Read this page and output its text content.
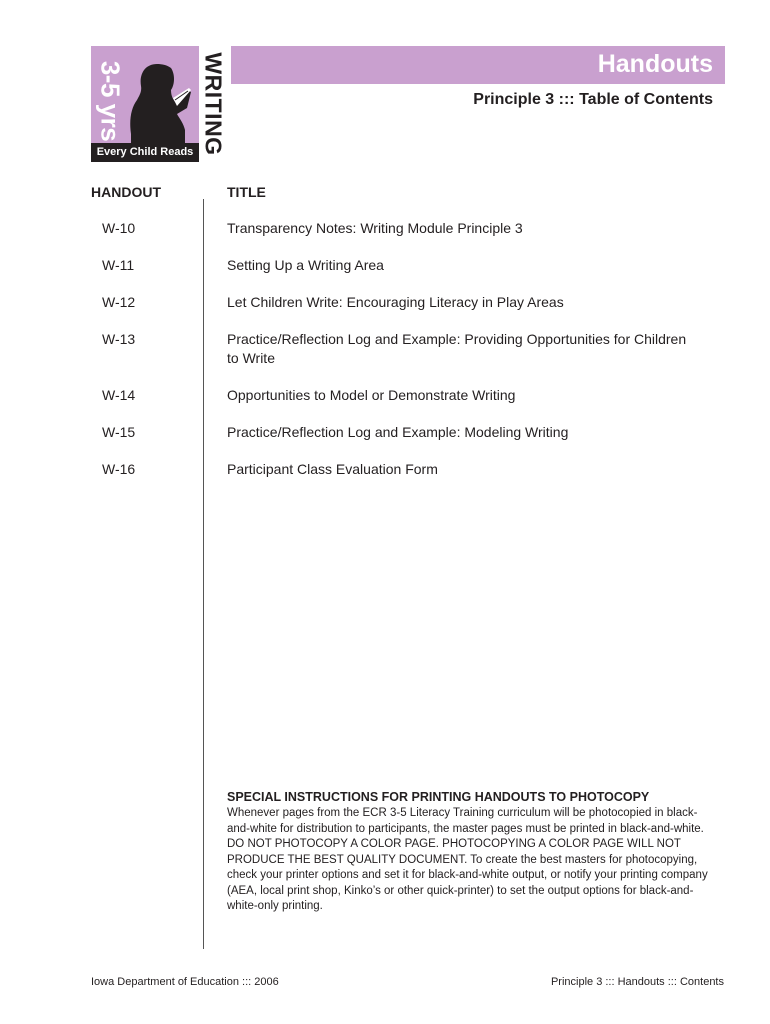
3-5 yrs
Every Child Reads WRITING	Handouts
Principle 3 ::: Table of Contents
HANDOUT	TITLE
W-10	Transparency Notes: Writing Module Principle 3
W-11	Setting Up a Writing Area
W-12	Let Children Write: Encouraging Literacy in Play Areas
W-13	Practice/Reflection Log and Example: Providing Opportunities for Children to Write
W-14	Opportunities to Model or Demonstrate Writing
W-15	Practice/Reflection Log and Example: Modeling Writing
W-16	Participant Class Evaluation Form
SPECIAL INSTRUCTIONS FOR PRINTING HANDOUTS TO PHOTOCOPY
Whenever pages from the ECR 3-5 Literacy Training curriculum will be photocopied in black-and-white for distribution to participants, the master pages must be printed in black-and-white. DO NOT PHOTOCOPY A COLOR PAGE. PHOTOCOPYING A COLOR PAGE WILL NOT PRODUCE THE BEST QUALITY DOCUMENT. To create the best masters for photocopying, check your printer options and set it for black-and-white output, or notify your printing company (AEA, local print shop, Kinko’s or other quick-printer) to set the output options for black-and-white-only printing.
Iowa Department of Education ::: 2006	Principle 3 ::: Handouts ::: Contents
